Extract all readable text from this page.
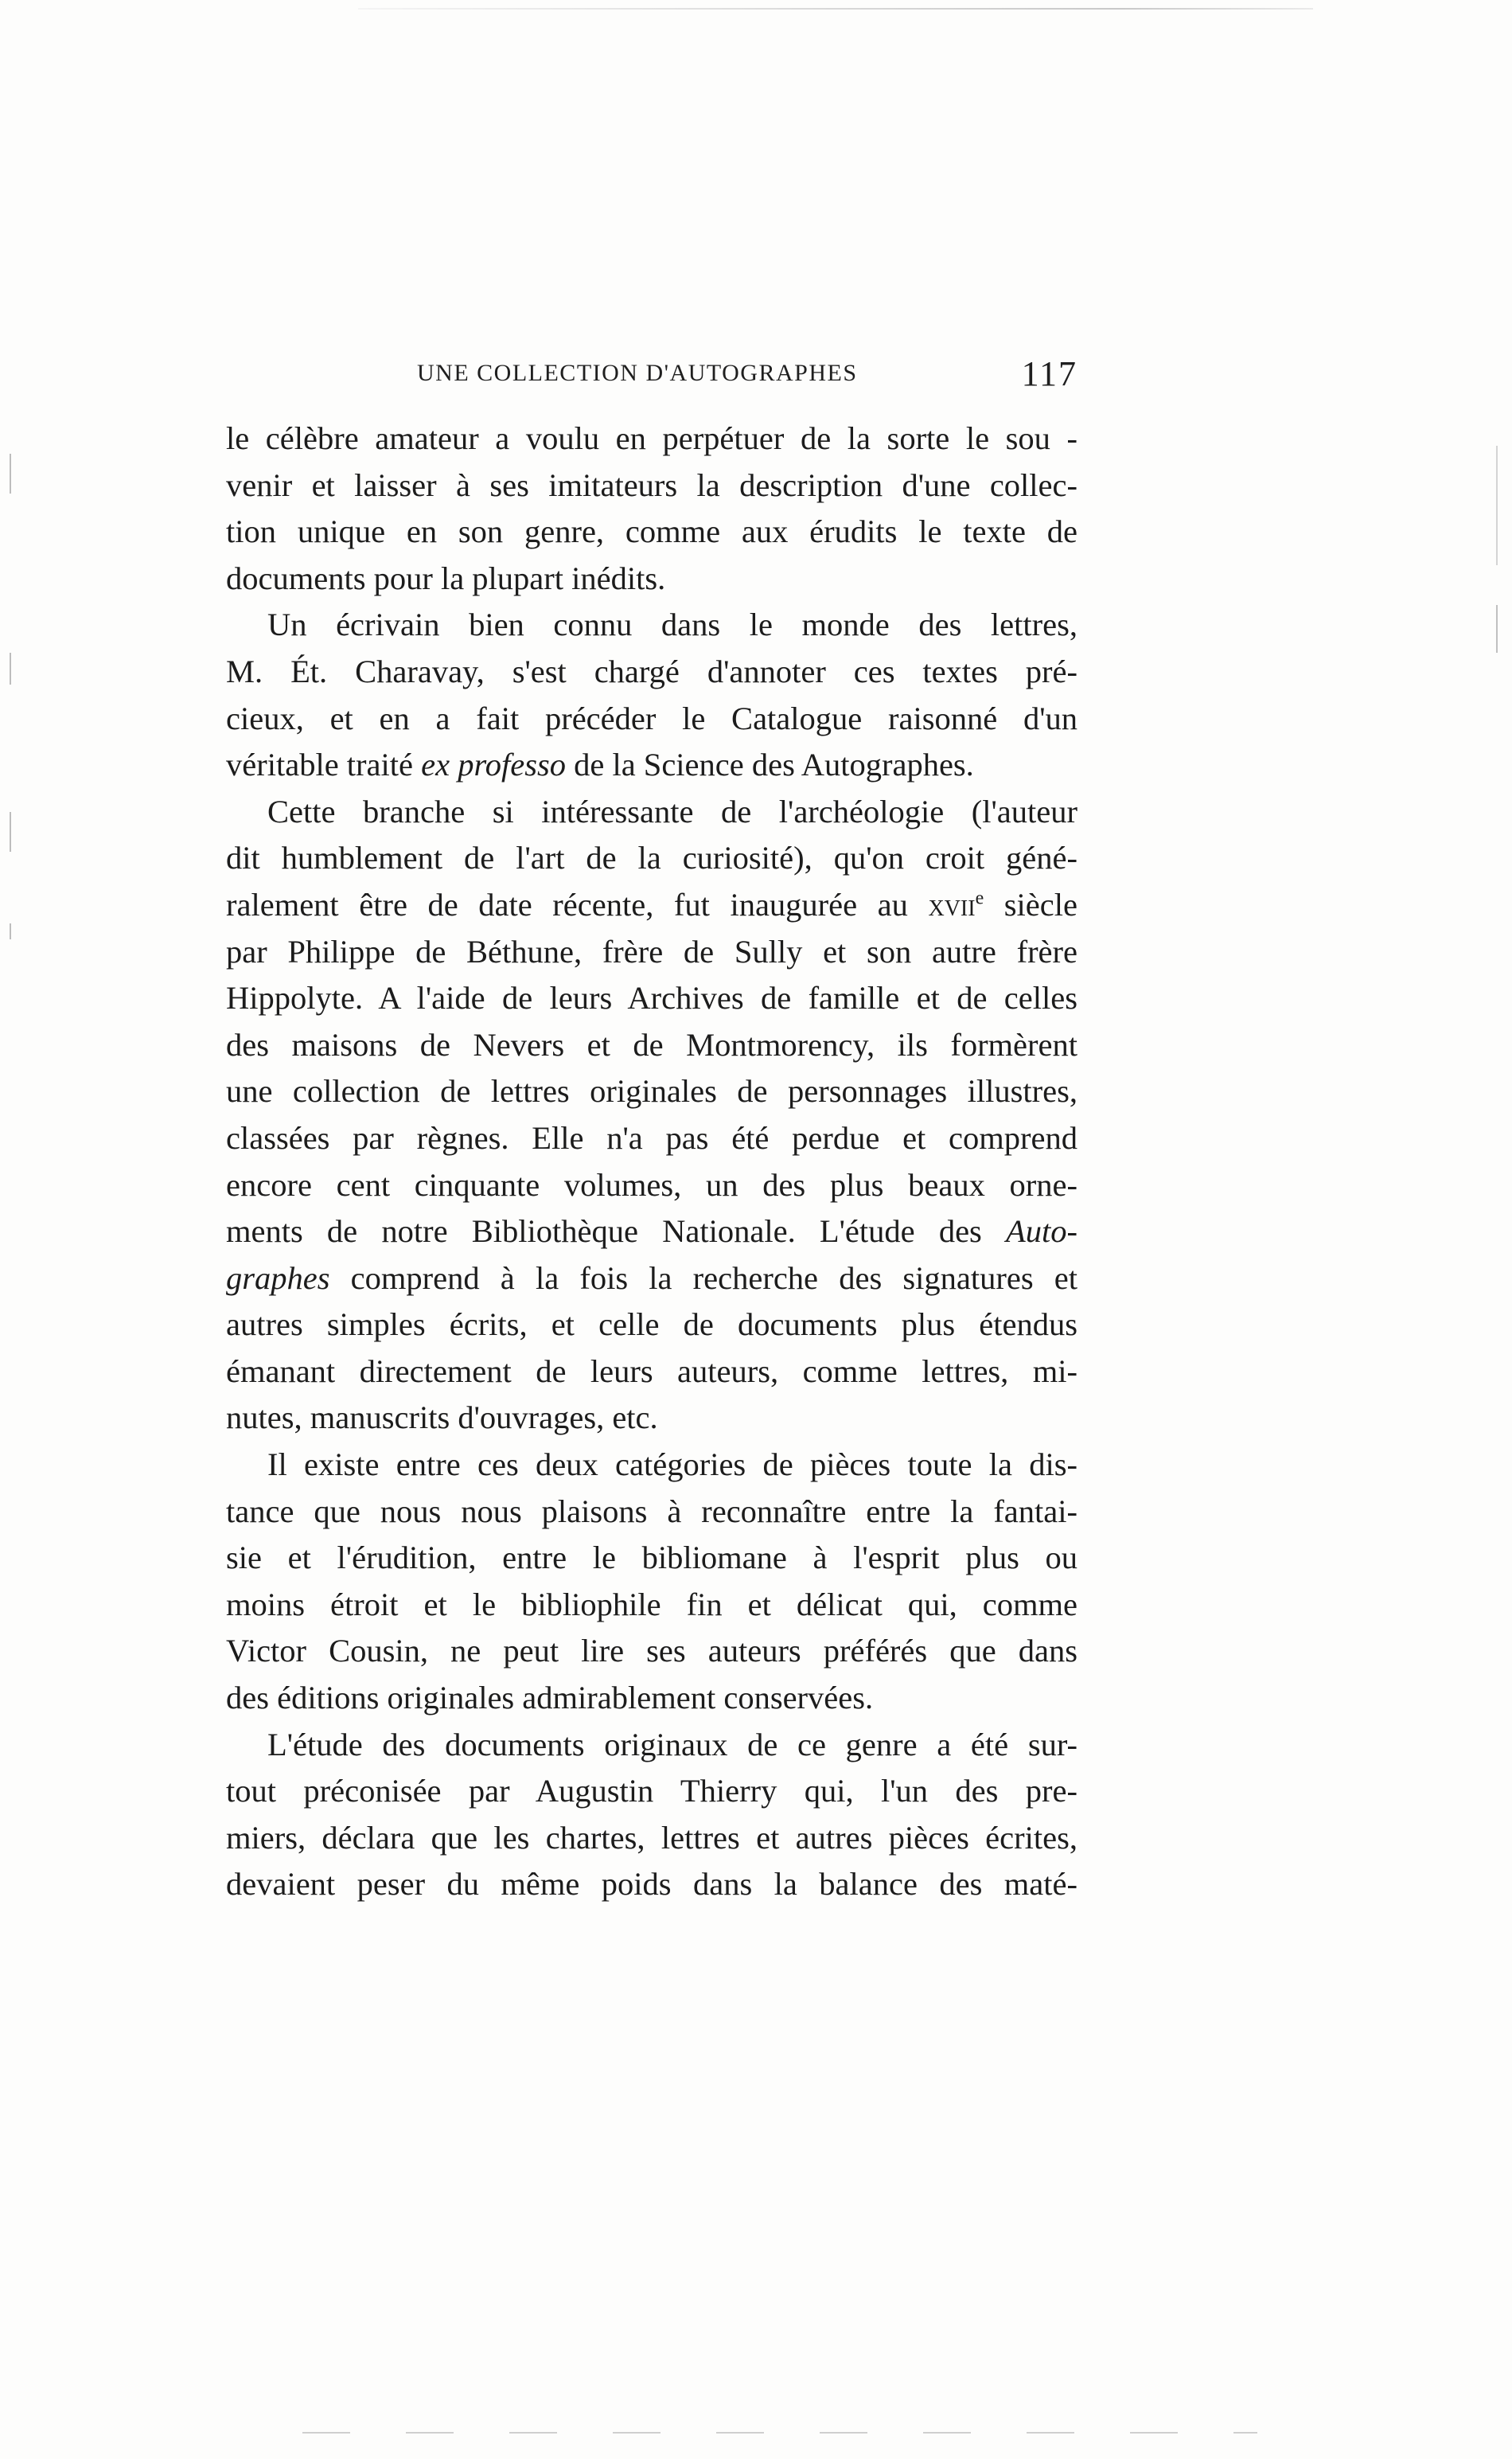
UNE COLLECTION D'AUTOGRAPHES	117
le célèbre amateur a voulu en perpétuer de la sorte le sou -
venir et laisser à ses imitateurs la description d'une collec-
tion unique en son genre, comme aux érudits le texte de
documents pour la plupart inédits.
Un écrivain bien connu dans le monde des lettres,
M. Ét. Charavay, s'est chargé d'annoter ces textes pré-
cieux, et en a fait précéder le Catalogue raisonné d'un
véritable traité ex professo de la Science des Autographes.
Cette branche si intéressante de l'archéologie (l'auteur
dit humblement de l'art de la curiosité), qu'on croit géné-
ralement être de date récente, fut inaugurée au xvii$^e$ siècle
par Philippe de Béthune, frère de Sully et son autre frère
Hippolyte. A l'aide de leurs Archives de famille et de celles
des maisons de Nevers et de Montmorency, ils formèrent
une collection de lettres originales de personnages illustres,
classées par règnes. Elle n'a pas été perdue et comprend
encore cent cinquante volumes, un des plus beaux orne-
ments de notre Bibliothèque Nationale. L'étude des Auto-
graphes comprend à la fois la recherche des signatures et
autres simples écrits, et celle de documents plus étendus
émanant directement de leurs auteurs, comme lettres, mi-
nutes, manuscrits d'ouvrages, etc.
Il existe entre ces deux catégories de pièces toute la dis-
tance que nous nous plaisons à reconnaître entre la fantai-
sie et l'érudition, entre le bibliomane à l'esprit plus ou
moins étroit et le bibliophile fin et délicat qui, comme
Victor Cousin, ne peut lire ses auteurs préférés que dans
des éditions originales admirablement conservées.
L'étude des documents originaux de ce genre a été sur-
tout préconisée par Augustin Thierry qui, l'un des pre-
miers, déclara que les chartes, lettres et autres pièces écrites,
devaient peser du même poids dans la balance des maté-
